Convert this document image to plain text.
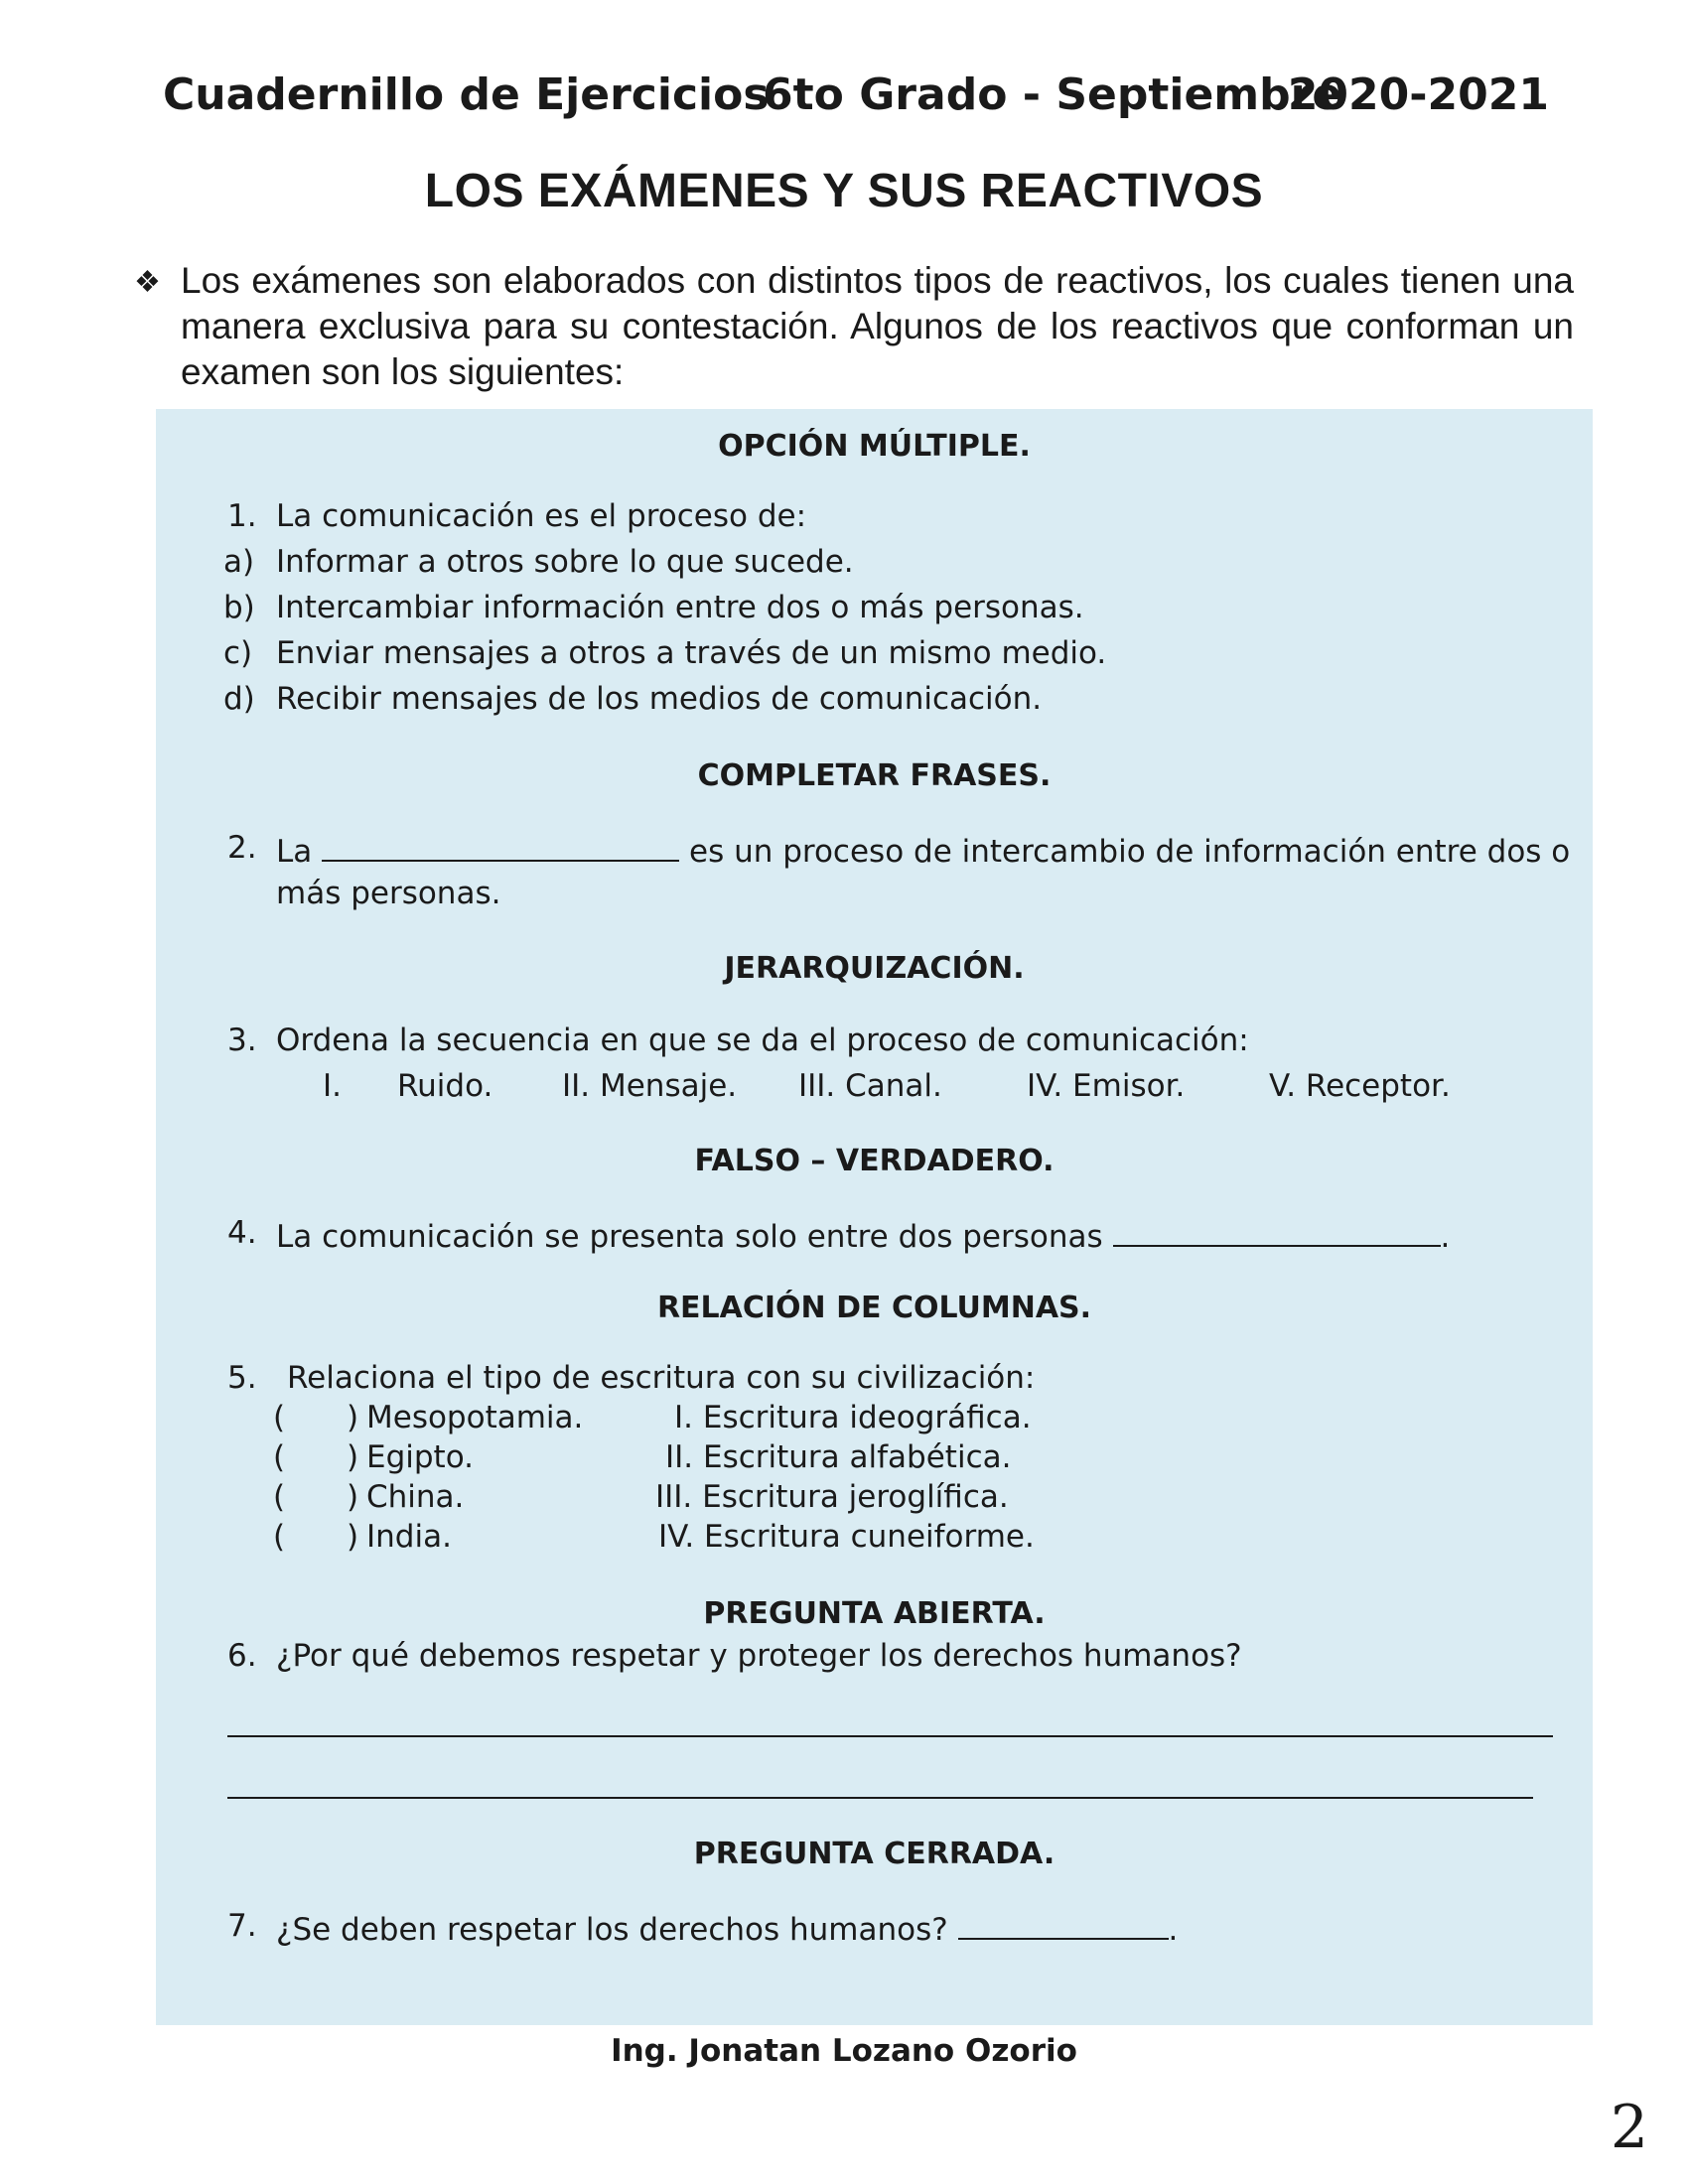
Cuadernillo de Ejercicios
6to Grado - Septiembre
2020-2021
LOS EXÁMENES Y SUS REACTIVOS
❖ Los exámenes son elaborados con distintos tipos de reactivos, los cuales tienen una manera exclusiva para su contestación. Algunos de los reactivos que conforman un examen son los siguientes:
OPCIÓN MÚLTIPLE.
1. La comunicación es el proceso de:
a) Informar a otros sobre lo que sucede.
b) Intercambiar información entre dos o más personas.
c) Enviar mensajes a otros a través de un mismo medio.
d) Recibir mensajes de los medios de comunicación.
COMPLETAR FRASES.
2. La	es un proceso de intercambio de información entre dos o
más personas.
JERARQUIZACIÓN.
3. Ordena la secuencia en que se da el proceso de comunicación:
I. Ruido. II. Mensaje. III. Canal.	IV. Emisor.	V. Receptor.
FALSO – VERDADERO.
4. La comunicación se presenta solo entre dos personas	.
RELACIÓN DE COLUMNAS.
5. Relaciona el tipo de escritura con su civilización:
( ) Mesopotamia.	I. Escritura ideográfica.
( ) Egipto.	II. Escritura alfabética.
( ) China.	III. Escritura jeroglífica.
( ) India.	IV. Escritura cuneiforme.
PREGUNTA ABIERTA.
6. ¿Por qué debemos respetar y proteger los derechos humanos?
PREGUNTA CERRADA.
7. ¿Se deben respetar los derechos humanos?	.
Ing. Jonatan Lozano Ozorio
2
